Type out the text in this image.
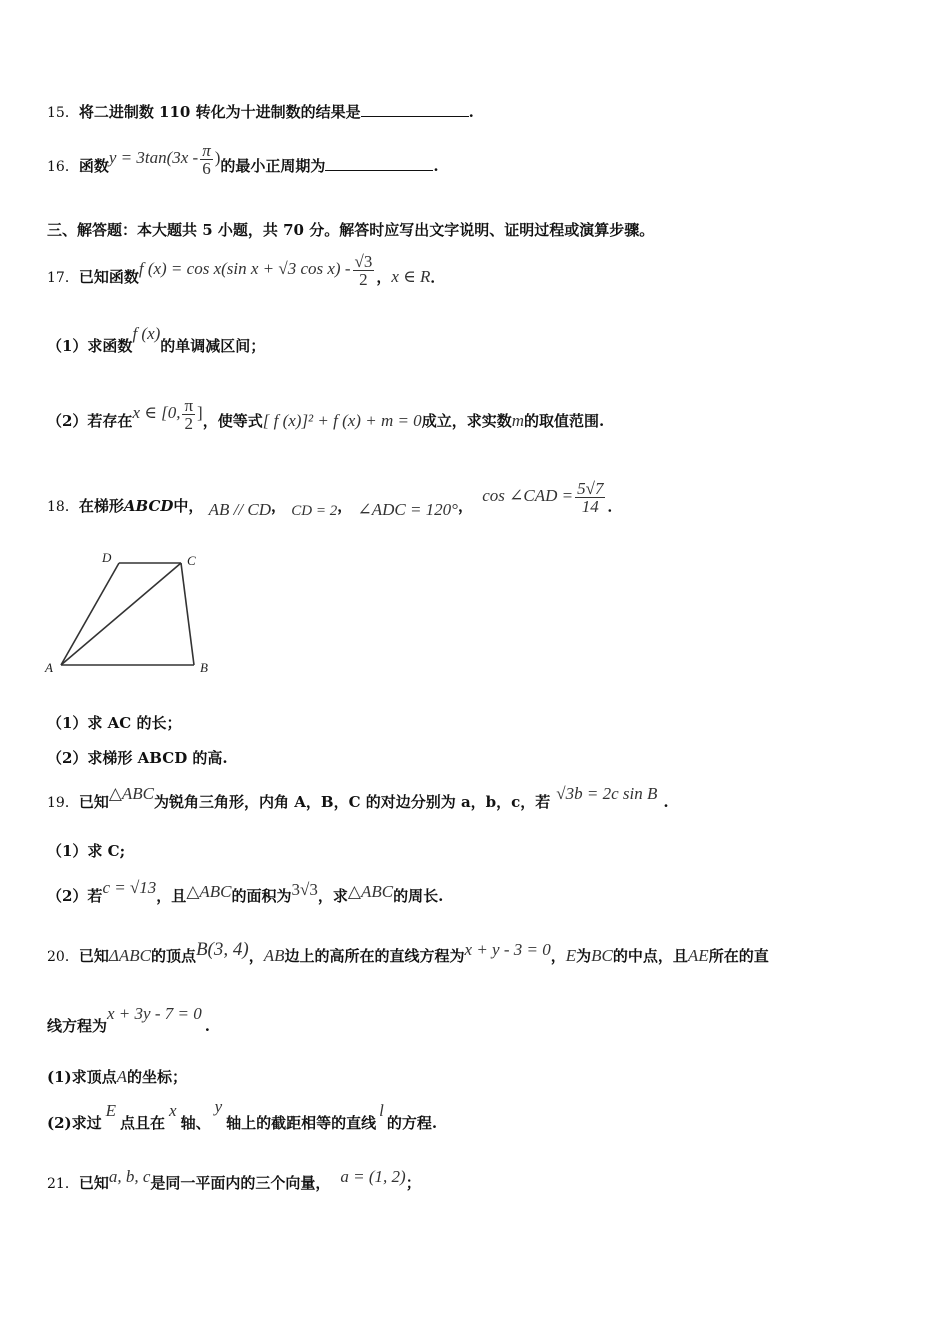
15．将二进制数 110 转化为十进制数的结果是	.
16．函数$y = 3\tan(3x - \frac{\pi}{6}$ )的最小正周期为	.
三、解答题：本大题共 5 小题，共 70 分。解答时应写出文字说明、证明过程或演算步骤。
17．已知函数f (x) = cos x(sin x + √3 $\cos x) - \frac{√3}{2}$ ，x ∈ R．
（1）求函数f (x)的单调减区间；
（2）若存在x ∈ [0, $\frac{\pi}{2}$ ]，使等式[ f (x)]² + f (x) + m = 0成立，求实数m的取值范围.
18．在梯形ABCD中， AB // CD， CD = 2， ∠ADC = 120°， cos ∠CAD = $\frac{5√7}{14}$ ．
D	C
A	B
（1）求 AC 的长；
（2）求梯形 ABCD 的高.
19．已知△ABC为锐角三角形，内角 A，B，C 的对边分别为 a，b，c，若 √3b = 2c sin B .
（1）求 C;
（2）若c = √13，且△ABC的面积为3√3，求△ABC的周长.
20．已知ΔABC的顶点B(3, 4)，AB边上的高所在的直线方程为x + y - 3 = 0，E为BC的中点，且AE所在的直
线方程为x + 3y - 7 = 0.
(1)求顶点A的坐标；
(2)求过E点且在x轴、y轴上的截距相等的直线l的方程.
21．已知a, b, c是同一平面内的三个向量， a = (1, 2)；
